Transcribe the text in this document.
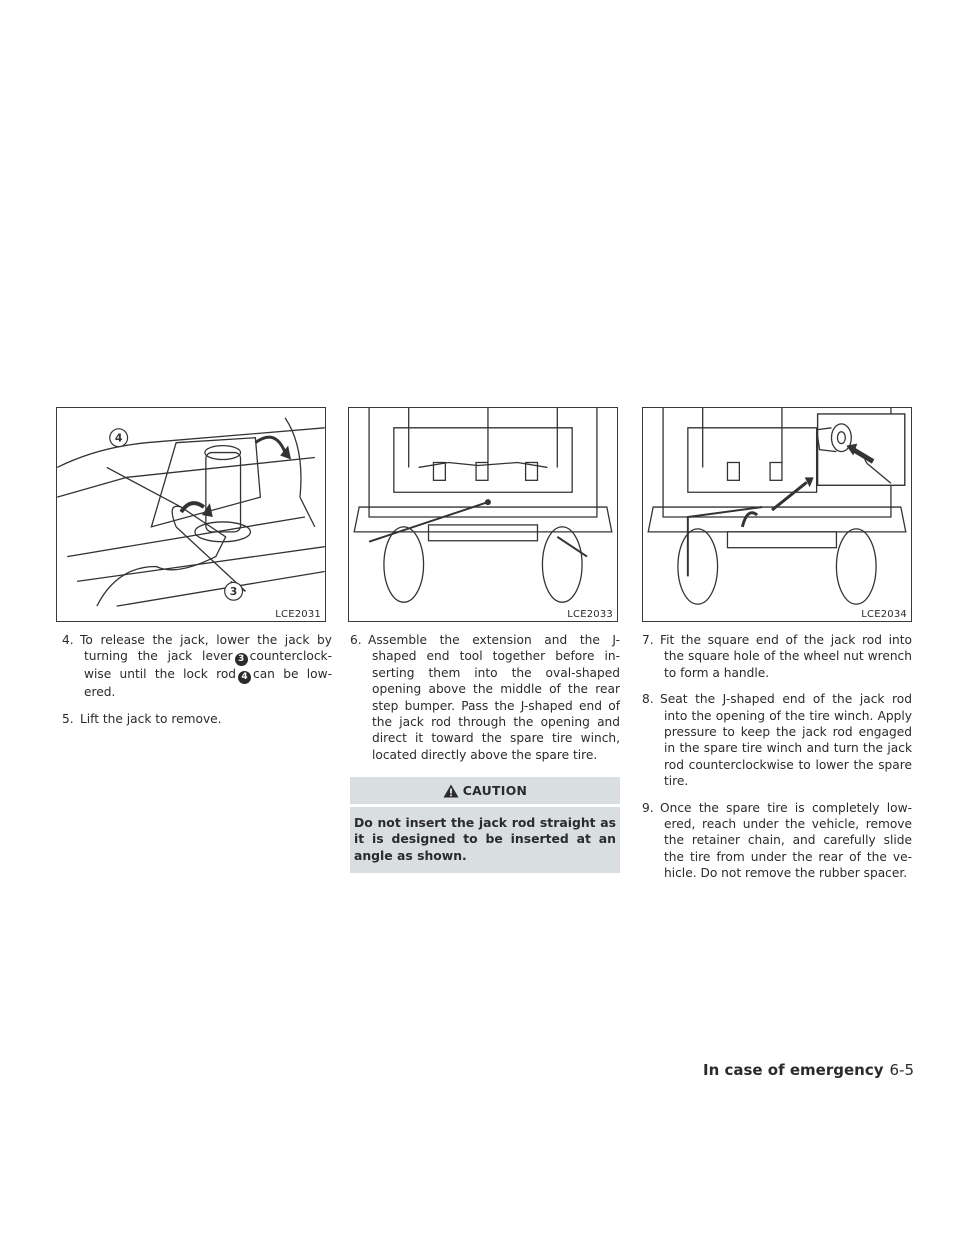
4
3
LCE2031	LCE2033	LCE2034

4. To release the jack, lower the jack by turning the jack lever 3 counterclock-wise until the lock rod 4 can be low-ered.

5. Lift the jack to remove.

6. Assemble the extension and the J-shaped end tool together before in-serting them into the oval-shaped opening above the middle of the rear step bumper. Pass the J-shaped end of the jack rod through the opening and direct it toward the spare tire winch, located directly above the spare tire.

CAUTION
Do not insert the jack rod straight as it is designed to be inserted at an angle as shown.

7. Fit the square end of the jack rod into the square hole of the wheel nut wrench to form a handle.

8. Seat the J-shaped end of the jack rod into the opening of the tire winch. Apply pressure to keep the jack rod engaged in the spare tire winch and turn the jack rod counterclockwise to lower the spare tire.

9. Once the spare tire is completely low-ered, reach under the vehicle, remove the retainer chain, and carefully slide the tire from under the rear of the ve-hicle. Do not remove the rubber spacer.

In case of emergency 6-5
